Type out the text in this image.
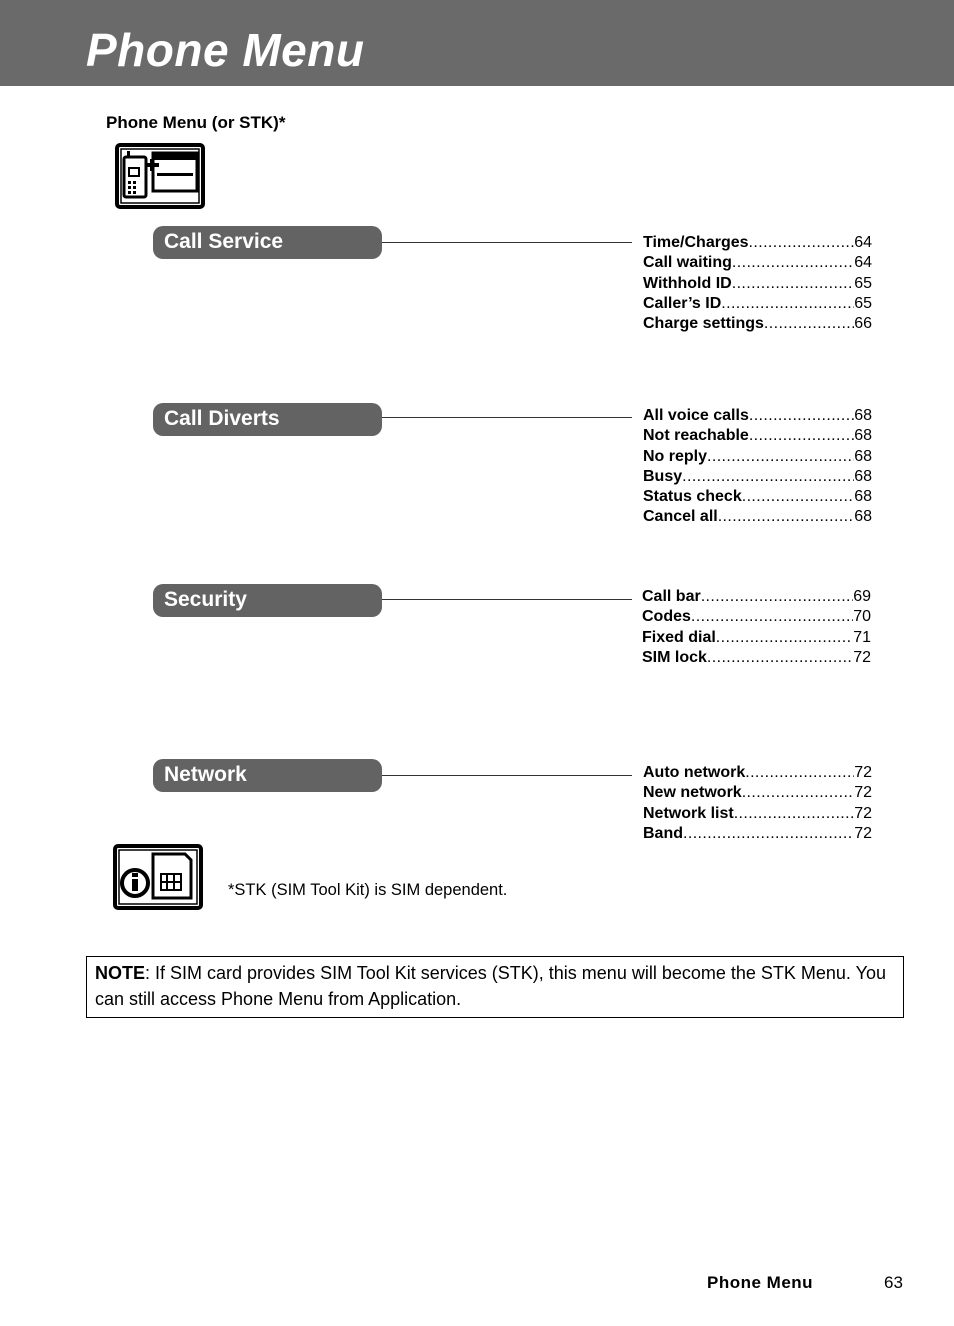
Phone Menu
Phone Menu (or STK)*
Call Service	Time/Charges .....	64
Call waiting .....	64
Withhold ID .....	65
Caller’s ID .....	65
Charge settings .....	66
Call Diverts	All voice calls .....	68
Not reachable .....	68
No reply .....	68
Busy .....	68
Status check .....	68
Cancel all .....	68
Security	Call bar .....	69
Codes .....	70
Fixed dial .....	71
SIM lock .....	72
Network	Auto network .....	72
New network .....	72
Network list .....	72
Band .....	72
*STK (SIM Tool Kit) is SIM dependent.
NOTE: If SIM card provides SIM Tool Kit services (STK), this menu will become the STK Menu. You can still access Phone Menu from Application.
Phone Menu	63
